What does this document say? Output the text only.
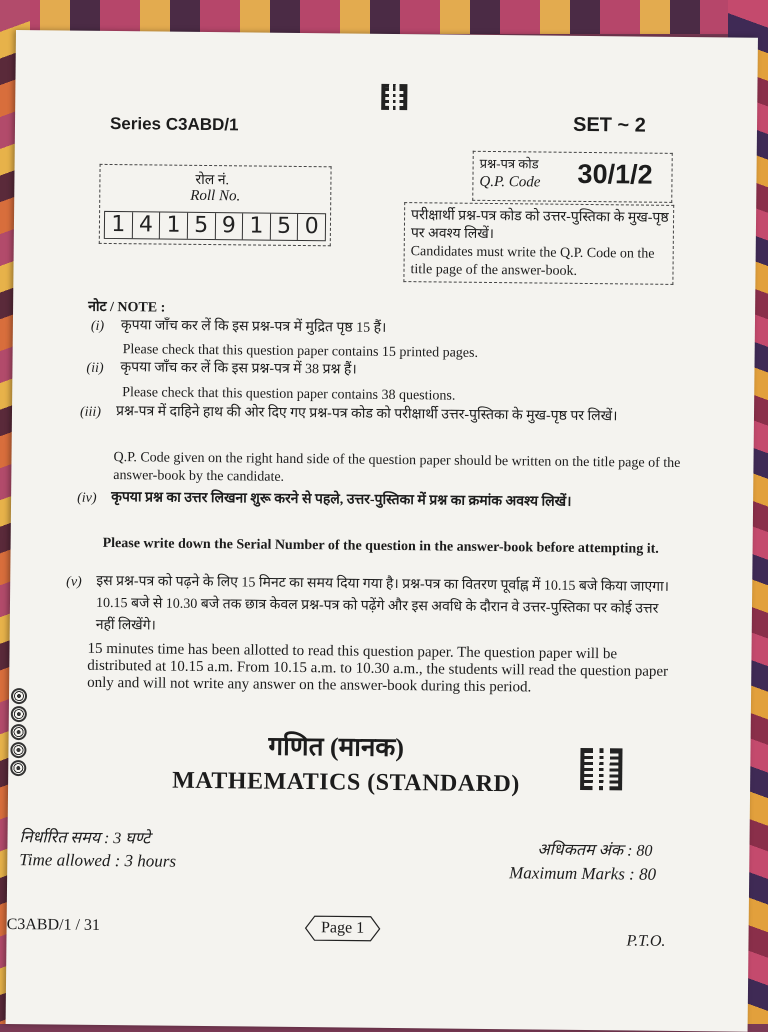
Series C3ABD/1	SET ~ 2
प्रश्न-पत्र कोड
Q.P. Code 30/1/2
रोल नं.
Roll No.
1 4 1 5 9 1 5 0	परीक्षार्थी प्रश्न-पत्र कोड को उत्तर-पुस्तिका के मुख-पृष्ठ पर अवश्य लिखें।
Candidates must write the Q.P. Code on the title page of the answer-book.
नोट / NOTE :
(i) कृपया जाँच कर लें कि इस प्रश्न-पत्र में मुद्रित पृष्ठ 15 हैं।
Please check that this question paper contains 15 printed pages.
(ii) कृपया जाँच कर लें कि इस प्रश्न-पत्र में 38 प्रश्न हैं।
Please check that this question paper contains 38 questions.
(iii) प्रश्न-पत्र में दाहिने हाथ की ओर दिए गए प्रश्न-पत्र कोड को परीक्षार्थी उत्तर-पुस्तिका के मुख-पृष्ठ पर लिखें।
Q.P. Code given on the right hand side of the question paper should be written on the title page of the answer-book by the candidate.
(iv) कृपया प्रश्न का उत्तर लिखना शुरू करने से पहले, उत्तर-पुस्तिका में प्रश्न का क्रमांक अवश्य लिखें।
Please write down the Serial Number of the question in the answer-book before attempting it.
(v) इस प्रश्न-पत्र को पढ़ने के लिए 15 मिनट का समय दिया गया है। प्रश्न-पत्र का वितरण पूर्वाह्न में 10.15 बजे किया जाएगा। 10.15 बजे से 10.30 बजे तक छात्र केवल प्रश्न-पत्र को पढ़ेंगे और इस अवधि के दौरान वे उत्तर-पुस्तिका पर कोई उत्तर नहीं लिखेंगे।
15 minutes time has been allotted to read this question paper. The question paper will be distributed at 10.15 a.m. From 10.15 a.m. to 10.30 a.m., the students will read the question paper only and will not write any answer on the answer-book during this period.
गणित (मानक)
MATHEMATICS (STANDARD)
निर्धारित समय : 3 घण्टे
Time allowed : 3 hours	अधिकतम अंक : 80
Maximum Marks : 80
C3ABD/1 / 31	Page 1
P.T.O.
